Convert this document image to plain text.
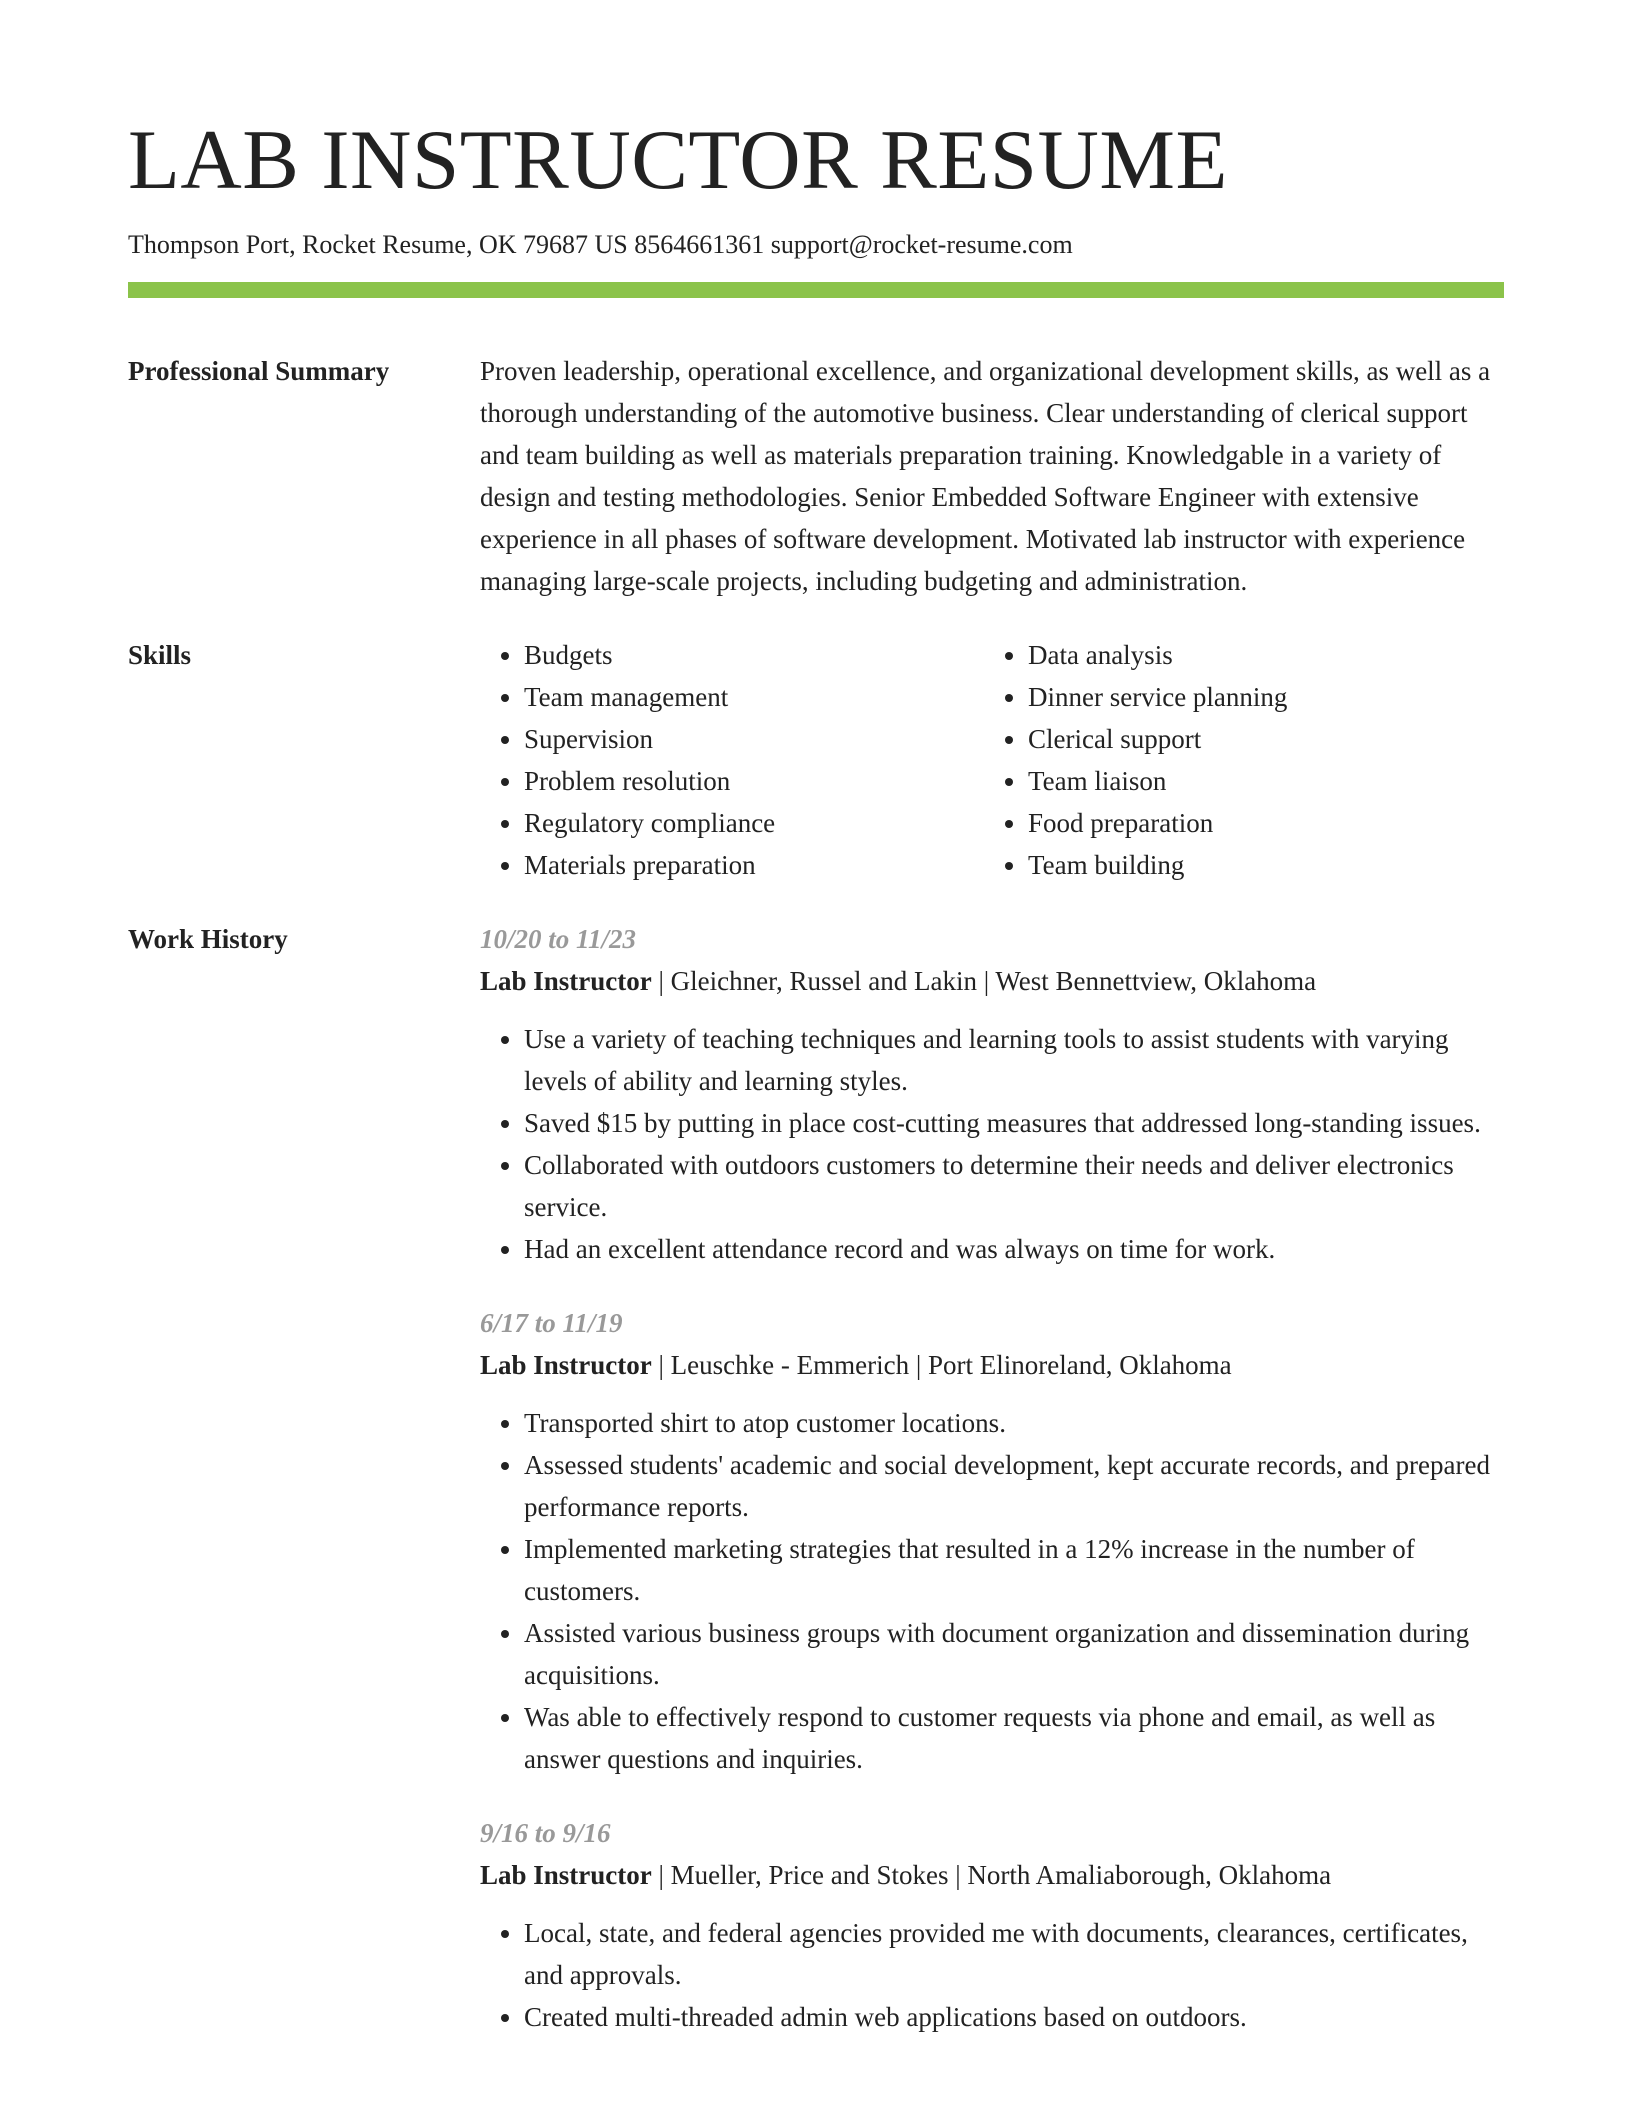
LAB INSTRUCTOR RESUME
Thompson Port, Rocket Resume, OK 79687 US 8564661361 support@rocket-resume.com
Professional Summary	Proven leadership, operational excellence, and organizational development skills, as well as a thorough understanding of the automotive business. Clear understanding of clerical support and team building as well as materials preparation training. Knowledgable in a variety of design and testing methodologies. Senior Embedded Software Engineer with extensive experience in all phases of software development. Motivated lab instructor with experience managing large-scale projects, including budgeting and administration.

Skills
•	Budgets
• Team management
• Supervision
• Problem resolution
• Regulatory compliance
• Materials preparation
• Data analysis
• Dinner service planning
• Clerical support
• Team liaison
• Food preparation
• Team building
Work History	10/20 to 11/23
Lab Instructor | Gleichner, Russel and Lakin | West Bennettview, Oklahoma
• Use a variety of teaching techniques and learning tools to assist students with varying levels of ability and learning styles.
• Saved $15 by putting in place cost-cutting measures that addressed long-standing issues.
• Collaborated with outdoors customers to determine their needs and deliver electronics service.
• Had an excellent attendance record and was always on time for work.
6/17 to 11/19
Lab Instructor | Leuschke - Emmerich | Port Elinoreland, Oklahoma
• Transported shirt to atop customer locations.
• Assessed students' academic and social development, kept accurate records, and prepared performance reports.
• Implemented marketing strategies that resulted in a 12% increase in the number of customers.
• Assisted various business groups with document organization and dissemination during acquisitions.
• Was able to effectively respond to customer requests via phone and email, as well as answer questions and inquiries.
9/16 to 9/16
Lab Instructor | Mueller, Price and Stokes | North Amaliaborough, Oklahoma
• Local, state, and federal agencies provided me with documents, clearances, certificates, and approvals.
• Created multi-threaded admin web applications based on outdoors.
